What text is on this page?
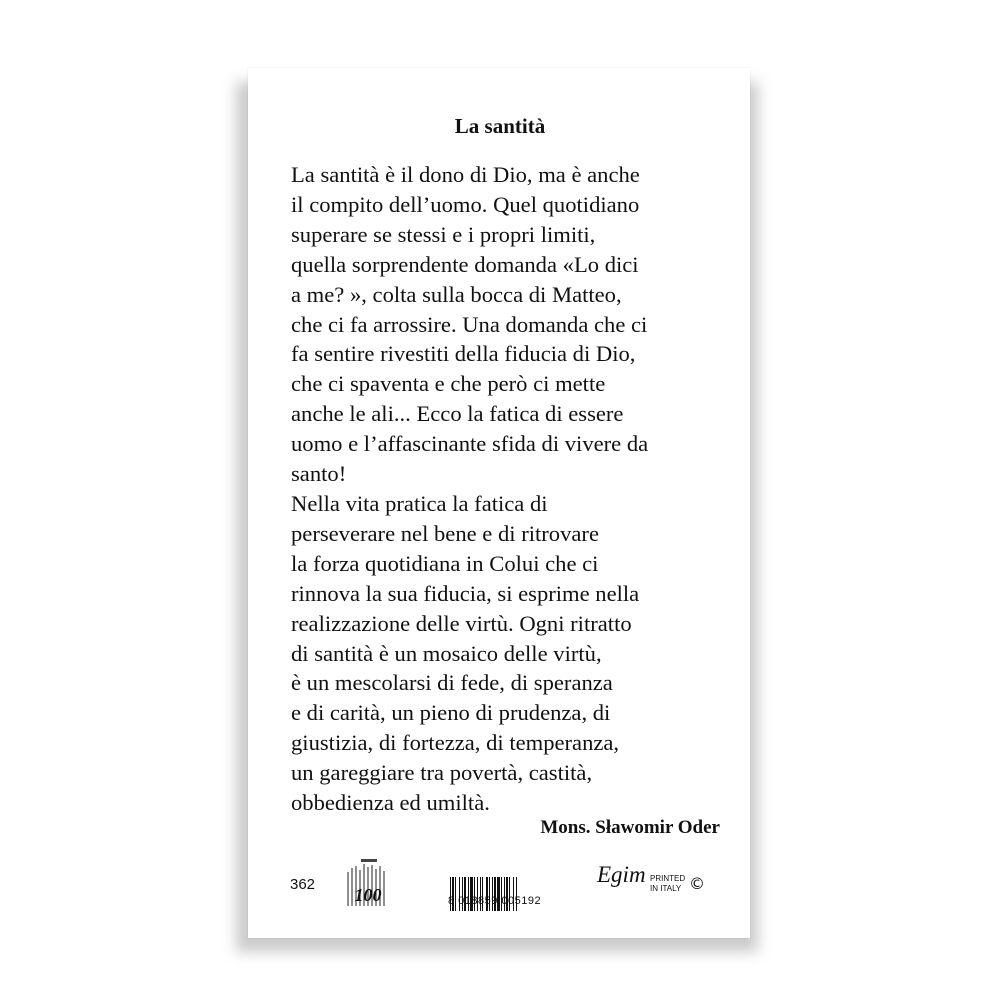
La santità
La santità è il dono di Dio, ma è anche
il compito dell’uomo. Quel quotidiano
superare se stessi e i propri limiti,
quella sorprendente domanda «Lo dici
a me? », colta sulla bocca di Matteo,
che ci fa arrossire. Una domanda che ci
fa sentire rivestiti della fiducia di Dio,
che ci spaventa e che però ci mette
anche le ali... Ecco la fatica di essere
uomo e l’affascinante sfida di vivere da
santo!
Nella vita pratica la fatica di
perseverare nel bene e di ritrovare
la forza quotidiana in Colui che ci
rinnova la sua fiducia, si esprime nella
realizzazione delle virtù. Ogni ritratto
di santità è un mosaico delle virtù,
è un mescolarsi di fede, di speranza
e di carità, un pieno di prudenza, di
giustizia, di fortezza, di temperanza,
un gareggiare tra povertà, castità,
obbedienza ed umiltà.
Mons. Sławomir Oder
362
100	8 018859 005192
Egim PRINTED
IN ITALY ©
